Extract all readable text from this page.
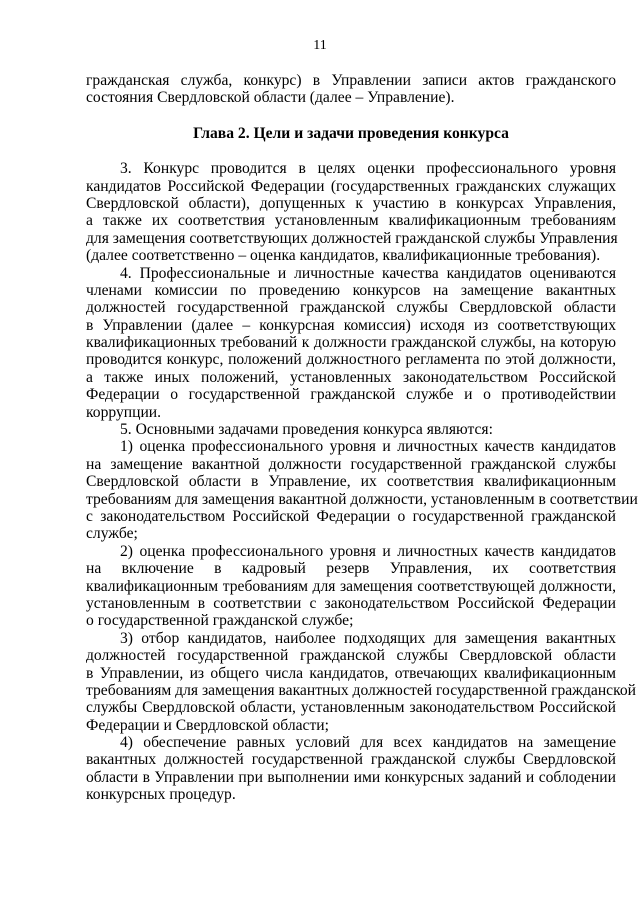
11
гражданская служба, конкурс) в Управлении записи актов гражданского
состояния Свердловской области (далее – Управление).
Глава 2. Цели и задачи проведения конкурса
3. Конкурс проводится в целях оценки профессионального уровня
кандидатов Российской Федерации (государственных гражданских служащих
Свердловской области), допущенных к участию в конкурсах Управления,
а также их соответствия установленным квалификационным требованиям
для замещения соответствующих должностей гражданской службы Управления
(далее соответственно – оценка кандидатов, квалификационные требования).
4. Профессиональные и личностные качества кандидатов оцениваются
членами комиссии по проведению конкурсов на замещение вакантных
должностей государственной гражданской службы Свердловской области
в Управлении (далее – конкурсная комиссия) исходя из соответствующих
квалификационных требований к должности гражданской службы, на которую
проводится конкурс, положений должностного регламента по этой должности,
а также иных положений, установленных законодательством Российской
Федерации о государственной гражданской службе и о противодействии
коррупции.
5. Основными задачами проведения конкурса являются:
1) оценка профессионального уровня и личностных качеств кандидатов
на замещение вакантной должности государственной гражданской службы
Свердловской области в Управление, их соответствия квалификационным
требованиям для замещения вакантной должности, установленным в соответствии
с законодательством Российской Федерации о государственной гражданской
службе;
2) оценка профессионального уровня и личностных качеств кандидатов
на включение в кадровый резерв Управления, их соответствия
квалификационным требованиям для замещения соответствующей должности,
установленным в соответствии с законодательством Российской Федерации
о государственной гражданской службе;
3) отбор кандидатов, наиболее подходящих для замещения вакантных
должностей государственной гражданской службы Свердловской области
в Управлении, из общего числа кандидатов, отвечающих квалификационным
требованиям для замещения вакантных должностей государственной гражданской
службы Свердловской области, установленным законодательством Российской
Федерации и Свердловской области;
4) обеспечение равных условий для всех кандидатов на замещение
вакантных должностей государственной гражданской службы Свердловской
области в Управлении при выполнении ими конкурсных заданий и соблодении
конкурсных процедур.
